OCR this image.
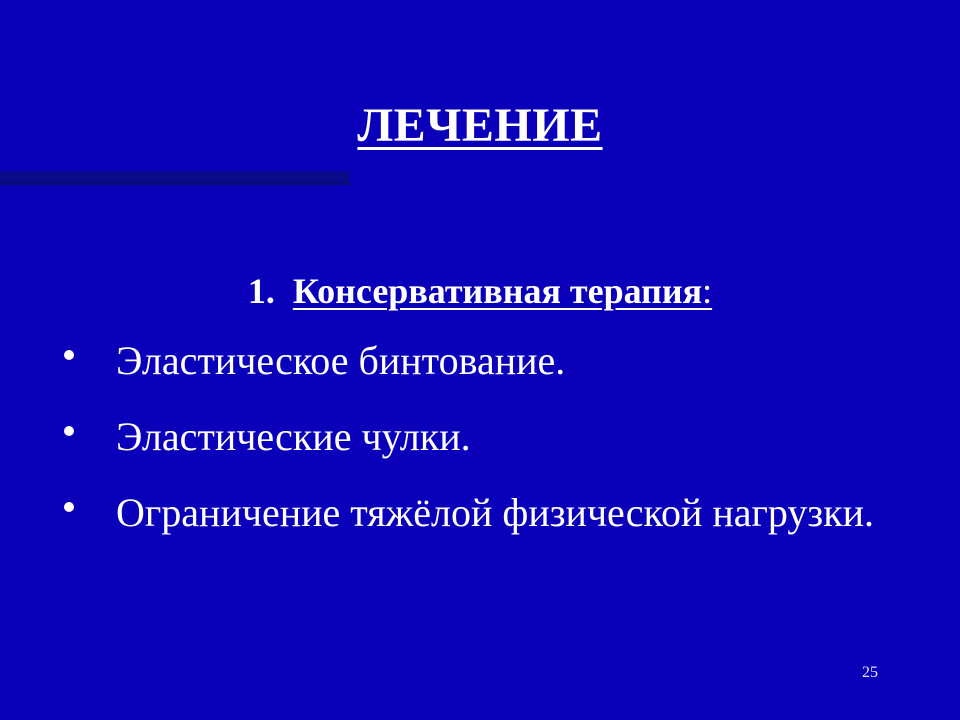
ЛЕЧЕНИЕ
1. Консервативная терапия:
Эластическое бинтование.
Эластические чулки.
Ограничение тяжёлой физической нагрузки.
25
